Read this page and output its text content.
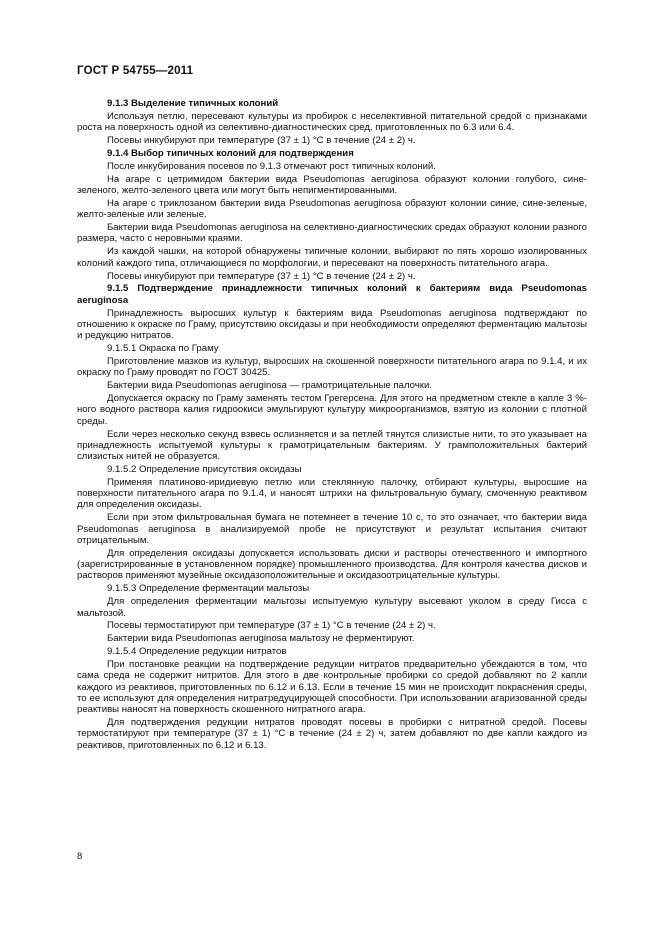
ГОСТ Р 54755—2011
9.1.3 Выделение типичных колоний
Используя петлю, пересевают культуры из пробирок с неселективной питательной средой с признаками роста на поверхность одной из селективно-диагностических сред, приготовленных по 6.3 или 6.4.
Посевы инкубируют при температуре (37 ± 1) °C в течение (24 ± 2) ч.
9.1.4 Выбор типичных колоний для подтверждения
После инкубирования посевов по 9.1.3 отмечают рост типичных колоний.
На агаре с цетримидом бактерии вида Pseudomonas aeruginosa образуют колонии голубого, сине-зеленого, желто-зеленого цвета или могут быть непигментированными.
На агаре с триклозаном бактерии вида Pseudomonas aeruginosa образуют колонии синие, сине-зеленые, желто-зеленые или зеленые.
Бактерии вида Pseudomonas aeruginosa на селективно-диагностических средах образуют колонии разного размера, часто с неровными краями.
Из каждой чашки, на которой обнаружены типичные колонии, выбирают по пять хорошо изолированных колоний каждого типа, отличающиеся по морфологии, и пересевают на поверхность питательного агара.
Посевы инкубируют при температуре (37 ± 1) °C в течение (24 ± 2) ч.
9.1.5 Подтверждение принадлежности типичных колоний к бактериям вида Pseudomonas aeruginosa
Принадлежность выросших культур к бактериям вида Pseudomonas aeruginosa подтверждают по отношению к окраске по Граму, присутствию оксидазы и при необходимости определяют ферментацию мальтозы и редукцию нитратов.
9.1.5.1 Окраска по Граму
Приготовление мазков из культур, выросших на скошенной поверхности питательного агара по 9.1.4, и их окраску по Граму проводят по ГОСТ 30425.
Бактерии вида Pseudomonas aeruginosa — грамотрицательные палочки.
Допускается окраску по Граму заменять тестом Грегерсена. Для этого на предметном стекле в капле 3 %-ного водного раствора калия гидроокиси эмульгируют культуру микроорганизмов, взятую из колонии с плотной среды.
Если через несколько секунд взвесь ослизняется и за петлей тянутся слизистые нити, то это указывает на принадлежность испытуемой культуры к грамотрицательным бактериям. У грамположительных бактерий слизистых нитей не образуется.
9.1.5.2 Определение присутствия оксидазы
Применяя платиново-иридиевую петлю или стеклянную палочку, отбирают культуры, выросшие на поверхности питательного агара по 9.1.4, и наносят штрихи на фильтровальную бумагу, смоченную реактивом для определения оксидазы.
Если при этом фильтровальная бумага не потемнеет в течение 10 с, то это означает, что бактерии вида Pseudomonas aeruginosa в анализируемой пробе не присутствуют и результат испытания считают отрицательным.
Для определения оксидазы допускается использовать диски и растворы отечественного и импортного (зарегистрированные в установленном порядке) промышленного производства. Для контроля качества дисков и растворов применяют музейные оксидазоположительные и оксидазоотрицательные культуры.
9.1.5.3 Определение ферментации мальтозы
Для определения ферментации мальтозы испытуемую культуру высевают уколом в среду Гисса с мальтозой.
Посевы термостатируют при температуре (37 ± 1) °C в течение (24 ± 2) ч.
Бактерии вида Pseudomonas aeruginosa мальтозу не ферментируют.
9.1.5.4 Определение редукции нитратов
При постановке реакции на подтверждение редукции нитратов предварительно убеждаются в том, что сама среда не содержит нитритов. Для этого в две контрольные пробирки со средой добавляют по 2 капли каждого из реактивов, приготовленных по 6.12 и 6.13. Если в течение 15 мин не происходит покраснения среды, то ее используют для определения нитратредуцирующей способности. При использовании агаризованной среды реактивы наносят на поверхность скошенного нитратного агара.
Для подтверждения редукции нитратов проводят посевы в пробирки с нитратной средой. Посевы термостатируют при температуре (37 ± 1) °C в течение (24 ± 2) ч, затем добавляют по две капли каждого из реактивов, приготовленных по 6.12 и 6.13.
8
